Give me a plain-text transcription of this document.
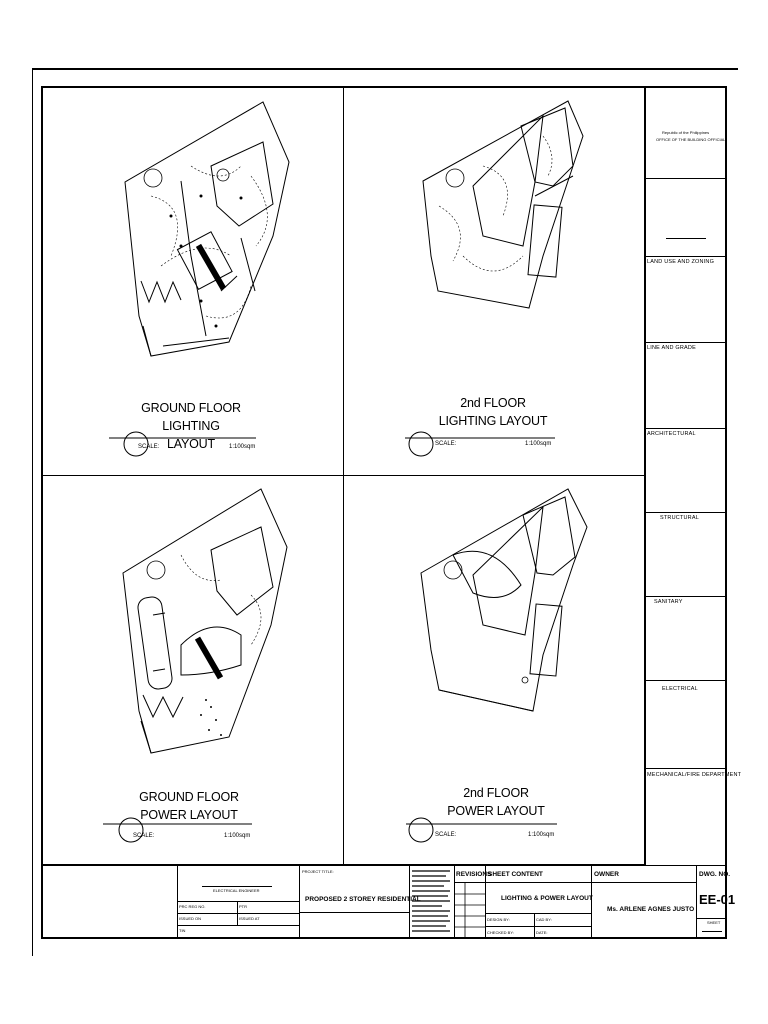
GROUND FLOOR
LIGHTING LAYOUT
SCALE:	1:100sqm
2nd FLOOR
LIGHTING LAYOUT
SCALE:	1:100sqm
GROUND FLOOR
POWER LAYOUT
SCALE:	1:100sqm
2nd FLOOR
POWER LAYOUT
SCALE:	1:100sqm
Republic of the Philippines
OFFICE OF THE BUILDING OFFICIAL
LAND USE AND ZONING
LINE AND GRADE
ARCHITECTURAL
STRUCTURAL
SANITARY
ELECTRICAL
MECHANICAL/FIRE DEPARTMENT
ELECTRICAL ENGINEER
PRC REG NO.	PTR
ISSUED ON	ISSUED AT
TIN
PROJECT TITLE:
PROPOSED 2 STOREY RESIDENTIAL
REVISIONS
SHEET CONTENT
LIGHTING & POWER LAYOUT
DESIGN BY:	CAD BY:
CHECKED BY:	DATE:
OWNER
Ms. ARLENE AGNES JUSTO
DWG. NO.
EE-01
SHEET
